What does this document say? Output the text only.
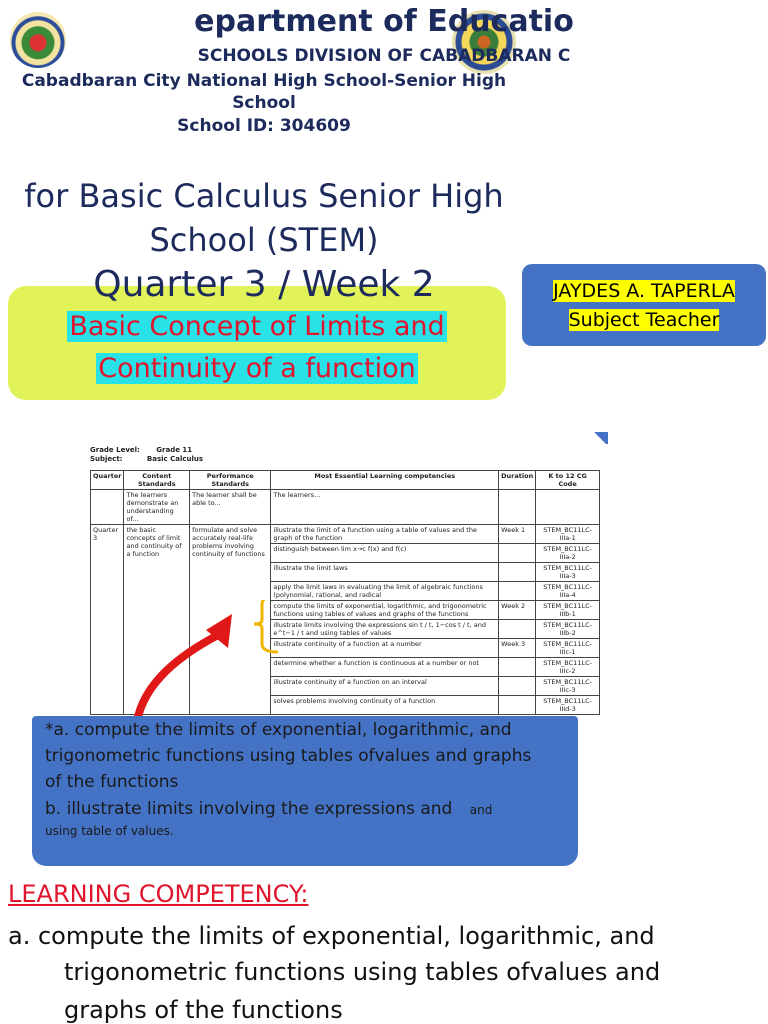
epartment of Educatio
SCHOOLS DIVISION OF CABADBARAN C
Cabadbaran City National High School-Senior High School
School ID: 304609
for Basic Calculus Senior High School (STEM)
Quarter 3 / Week 2
Basic Concept of Limits and
Continuity of a function
JAYDES A. TAPERLA
Subject Teacher
Grade Level: Grade 11
Subject:	Basic Calculus
Quarter	Content Standards	Performance Standards	Most Essential Learning competencies	Duration	K to 12 CG Code
	The learners demonstrate an understanding of...	The learner shall be able to...	The learners...		
Quarter 3	the basic concepts of limit and continuity of a function	formulate and solve accurately real-life problems involving continuity of functions	illustrate the limit of a function using a table of values and the graph of the function	Week 1	STEM_BC11LC-IIIa-1
			distinguish between lim x→c f(x) and f(c)		STEM_BC11LC-IIIa-2
			illustrate the limit laws		STEM_BC11LC-IIIa-3
			apply the limit laws in evaluating the limit of algebraic functions (polynomial, rational, and radical		STEM_BC11LC-IIIa-4
			compute the limits of exponential, logarithmic, and trigonometric functions using tables of values and graphs of the functions	Week 2	STEM_BC11LC-IIIb-1
			illustrate limits involving the expressions sin t / t, 1−cos t / t, and e^t−1 / t and using tables of values		STEM_BC11LC-IIIb-2
			illustrate continuity of a function at a number	Week 3	STEM_BC11LC-IIIc-1
			determine whether a function is continuous at a number or not		STEM_BC11LC-IIIc-2
			illustrate continuity of a function on an interval		STEM_BC11LC-IIIc-3
			solves problems involving continuity of a function		STEM_BC11LC-IIId-3
*a. compute the limits of exponential, logarithmic, and
trigonometric functions using tables ofvalues and graphs
of the functions
b. illustrate limits involving the expressions and and
using table of values.
LEARNING COMPETENCY:
a. compute the limits of exponential, logarithmic, and
trigonometric functions using tables ofvalues and
graphs of the functions
